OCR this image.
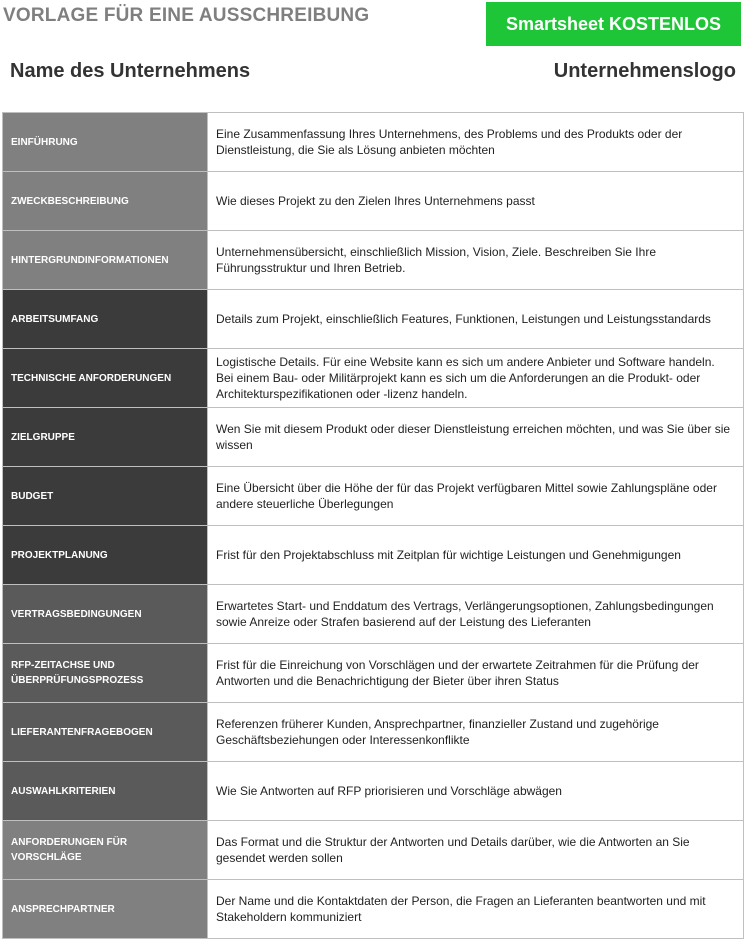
VORLAGE FÜR EINE AUSSCHREIBUNG	Smartsheet KOSTENLOS
Name des Unternehmens	Unternehmenslogo
EINFÜHRUNG	Eine Zusammenfassung Ihres Unternehmens, des Problems und des Produkts oder der Dienstleistung, die Sie als Lösung anbieten möchten
ZWECKBESCHREIBUNG	Wie dieses Projekt zu den Zielen Ihres Unternehmens passt
HINTERGRUNDINFORMATIONEN	Unternehmensübersicht, einschließlich Mission, Vision, Ziele. Beschreiben Sie Ihre Führungsstruktur und Ihren Betrieb.
ARBEITSUMFANG	Details zum Projekt, einschließlich Features, Funktionen, Leistungen und Leistungsstandards
TECHNISCHE ANFORDERUNGEN	Logistische Details. Für eine Website kann es sich um andere Anbieter und Software handeln. Bei einem Bau- oder Militärprojekt kann es sich um die Anforderungen an die Produkt- oder Architekturspezifikationen oder -lizenz handeln.
ZIELGRUPPE	Wen Sie mit diesem Produkt oder dieser Dienstleistung erreichen möchten, und was Sie über sie wissen
BUDGET	Eine Übersicht über die Höhe der für das Projekt verfügbaren Mittel sowie Zahlungspläne oder andere steuerliche Überlegungen
PROJEKTPLANUNG	Frist für den Projektabschluss mit Zeitplan für wichtige Leistungen und Genehmigungen
VERTRAGSBEDINGUNGEN	Erwartetes Start- und Enddatum des Vertrags, Verlängerungsoptionen, Zahlungsbedingungen sowie Anreize oder Strafen basierend auf der Leistung des Lieferanten
RFP-ZEITACHSE UND ÜBERPRÜFUNGSPROZESS	Frist für die Einreichung von Vorschlägen und der erwartete Zeitrahmen für die Prüfung der Antworten und die Benachrichtigung der Bieter über ihren Status
LIEFERANTENFRAGEBOGEN	Referenzen früherer Kunden, Ansprechpartner, finanzieller Zustand und zugehörige Geschäftsbeziehungen oder Interessenkonflikte
AUSWAHLKRITERIEN	Wie Sie Antworten auf RFP priorisieren und Vorschläge abwägen
ANFORDERUNGEN FÜR VORSCHLÄGE	Das Format und die Struktur der Antworten und Details darüber, wie die Antworten an Sie gesendet werden sollen
ANSPRECHPARTNER	Der Name und die Kontaktdaten der Person, die Fragen an Lieferanten beantworten und mit Stakeholdern kommuniziert
